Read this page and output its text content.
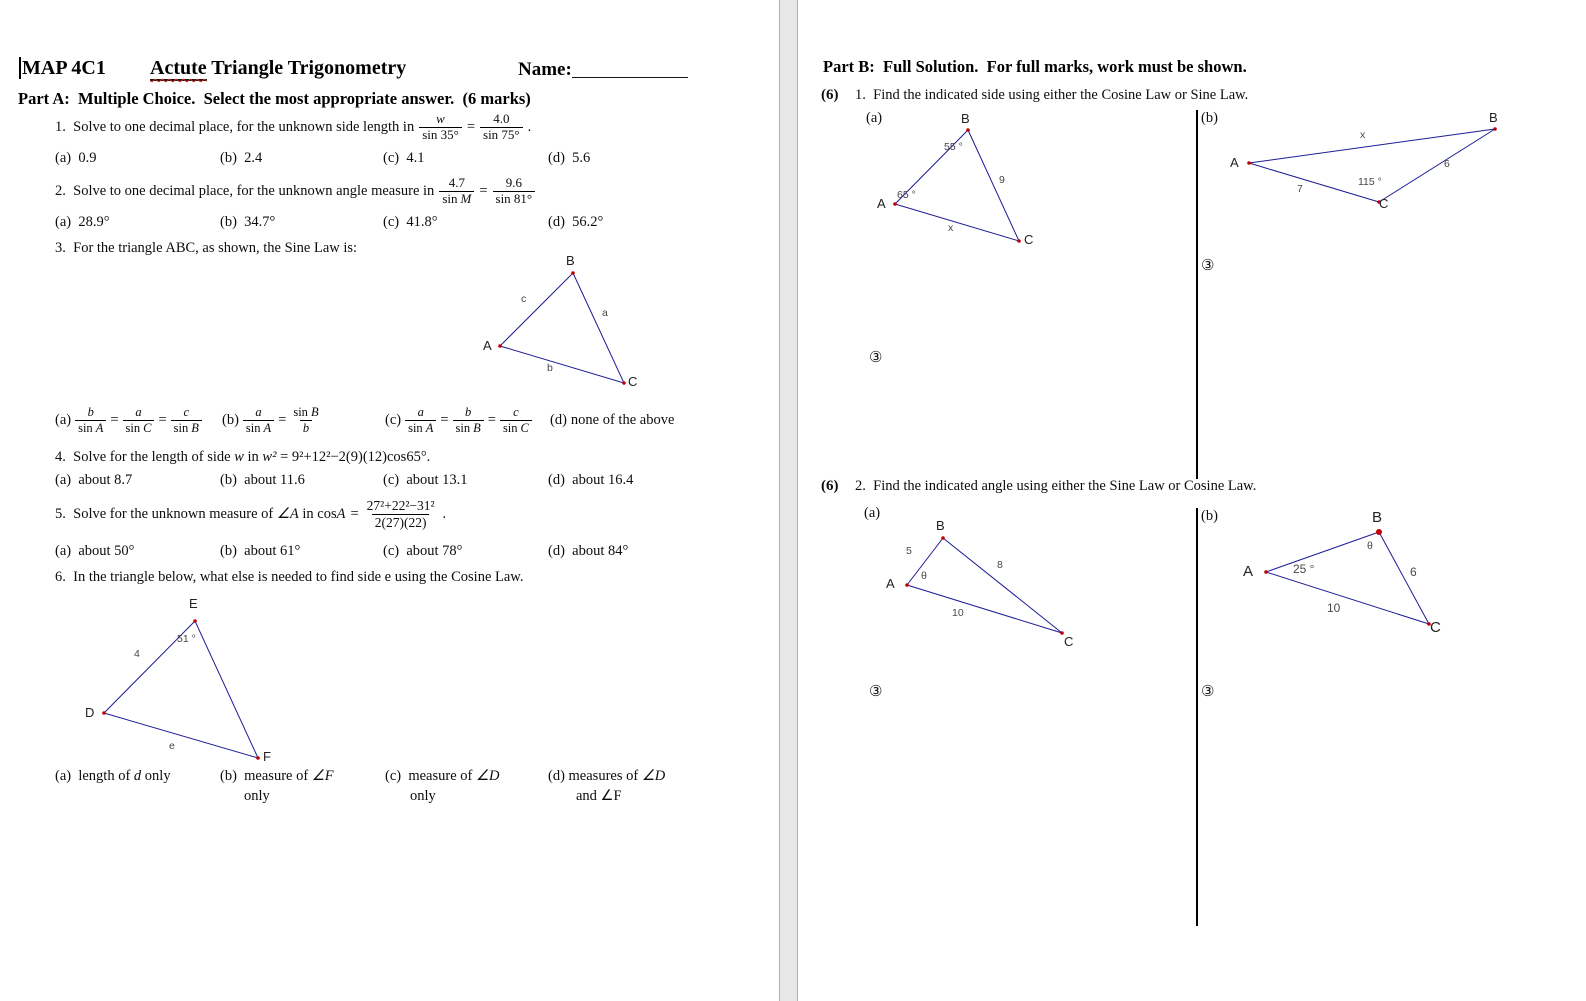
MAP 4C1 Actute Triangle Trigonometry	Name:
Part A:  Multiple Choice.  Select the most appropriate answer.  (6 marks)
1.  Solve to one decimal place, for the unknown side length in $\frac{w}{\sin 35^\circ} = \frac{4.0}{\sin 75^\circ}$ .
(a)  0.9	(b)  2.4	(c)  4.1	(d)  5.6
2.  Solve to one decimal place, for the unknown angle measure in $\frac{4.7}{\text{sin M}} = \frac{9.6}{\sin 81^\circ}$
(a)  28.9°	(b)  34.7°	(c)  41.8°	(d)  56.2°
3.  For the triangle ABC, as shown, the Sine Law is:
B
A
C
c
a
b
$(a) \frac{b}{\text{sin A}} = \frac{a}{\text{sin C}} = \frac{c}{\text{sin B}} (b) \frac{a}{\text{sin A}} = \frac{\text{sin B}}{b}$	$(c) \frac{a}{\text{sin A}} = \frac{b}{\text{sin B}} = \frac{c}{\text{sin C}} (d)$ none of the above
4.  Solve for the length of side w in w² = 9²+12²−2(9)(12)cos65°.
(a)  about 8.7	(b)  about 11.6	(c)  about 13.1	(d)  about 16.4
5.  Solve for the unknown measure of ∠A in $\cos A = \frac{\text{27²+22²−31²}}{2(27)(22)}$ .
(a)  about 50°	(b)  about 61°	(c)  about 78°	(d)  about 84°
6.  In the triangle below, what else is needed to find side e using the Cosine Law.
E
D
F
4
51 °
e
(a)  length of d only	(b)  measure of ∠F
only
(c)  measure of ∠D
only
(d) measures of ∠D
and ∠F
Part B:  Full Solution.  For full marks, work must be shown.
(6) 1.  Find the indicated side using either the Cosine Law or Sine Law.
(a)	(b)
B
A
C
55 °
65 °
9
x
③
B
A
C
x
7
6
115 °
③
(6) 2.  Find the indicated angle using either the Sine Law or Cosine Law.
(a)	(b)
B
A
C
5
8
θ
10
③
B
A
C
θ
25 °	6
10
③
